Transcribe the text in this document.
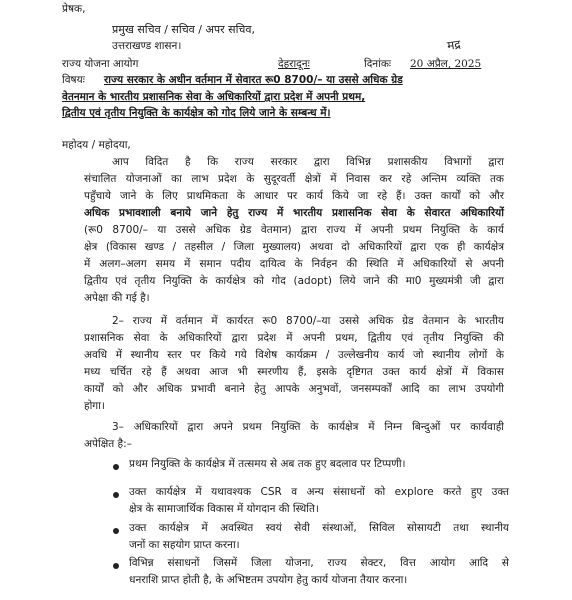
प्रेषक,
प्रमुख सचिव / सचिव / अपर सचिव,
उत्तराखण्ड शासन।
राज्य योजना आयोग	देहरादूनः	दिनांकः 20 अप्रैल, 2025
मद्र
विषयः राज्य सरकार के अधीन वर्तमान में सेवारत रू0 8700/– या उससे अधिक ग्रेड
वेतनमान के भारतीय प्रशासनिक सेवा के अधिकारियों द्वारा प्रदेश में अपनी प्रथम,
द्वितीय एवं तृतीय नियुक्ति के कार्यक्षेत्र को गोद लिये जाने के सम्बन्ध में।
महोदय / महोदया,
आप विदित है कि राज्य सरकार द्वारा विभिन्न प्रशासकीय विभागों द्वारा
संचालित योजनाओं का लाभ प्रदेश के सुदूरवर्ती क्षेत्रों में निवास कर रहे अन्तिम व्यक्ति तक
पहुँचाये जाने के लिए प्राथमिकता के आधार पर कार्य किये जा रहे हैं। उक्त कार्यों को और
अधिक प्रभावशाली बनाये जाने हेतु राज्य में भारतीय प्रशासनिक सेवा के सेवारत अधिकारियों
(रू0 8700/– या उससे अधिक ग्रेड वेतमान) द्वारा राज्य में अपनी प्रथम नियुक्ति के कार्य
क्षेत्र (विकास खण्ड / तहसील / जिला मुख्यालय) अथवा दो अधिकारियों द्वारा एक ही कार्यक्षेत्र
में अलग–अलग समय में समान पदीय दायित्व के निर्वहन की स्थिति में अधिकारियों से अपनी
द्वितीय एवं तृतीय नियुक्ति के कार्यक्षेत्र को गोद (adopt) लिये जाने की मा0 मुख्यमंत्री जी द्वारा
अपेक्षा की गई है।
2– राज्य में वर्तमान में कार्यरत रू0 8700/–या उससे अधिक ग्रेड वेतमान के भारतीय
प्रशासनिक सेवा के अधिकारियों द्वारा प्रदेश में अपनी प्रथम, द्वितीय एवं तृतीय नियुक्ति की
अवधि में स्थानीय स्तर पर किये गये विशेष कार्यक्रम / उल्लेखनीय कार्य जो स्थानीय लोगों के
मध्य चर्चित रहे हैं अथवा आज भी स्मरणीय हैं, इसके दृष्टिगत उक्त कार्य क्षेत्रों में विकास
कार्यों को और अधिक प्रभावी बनाने हेतु आपके अनुभवों, जनसम्पर्कों आदि का लाभ उपयोगी
होगा।
3– अधिकारियों द्वारा अपने प्रथम नियुक्ति के कार्यक्षेत्र में निम्न बिन्दुओं पर कार्यवाही
अपेक्षित है:–
प्रथम नियुक्ति के कार्यक्षेत्र में तत्समय से अब तक हुए बदलाव पर टिप्पणी।
उक्त कार्यक्षेत्र में यथावश्यक CSR व अन्य संसाधनों को explore करते हुए उक्त
क्षेत्र के सामाजार्थिक विकास में योगदान की स्थिति।
उक्त कार्यक्षेत्र में अवस्थित स्वयं सेवी संस्थाओं, सिविल सोसायटी तथा स्थानीय
जनों का सहयोग प्राप्त करना।
विभिन्न संसाधनों जिसमें जिला योजना, राज्य सेक्टर, वित्त आयोग आदि से
धनराशि प्राप्त होती है, के अभिष्टतम उपयोग हेतु कार्य योजना तैयार करना।
